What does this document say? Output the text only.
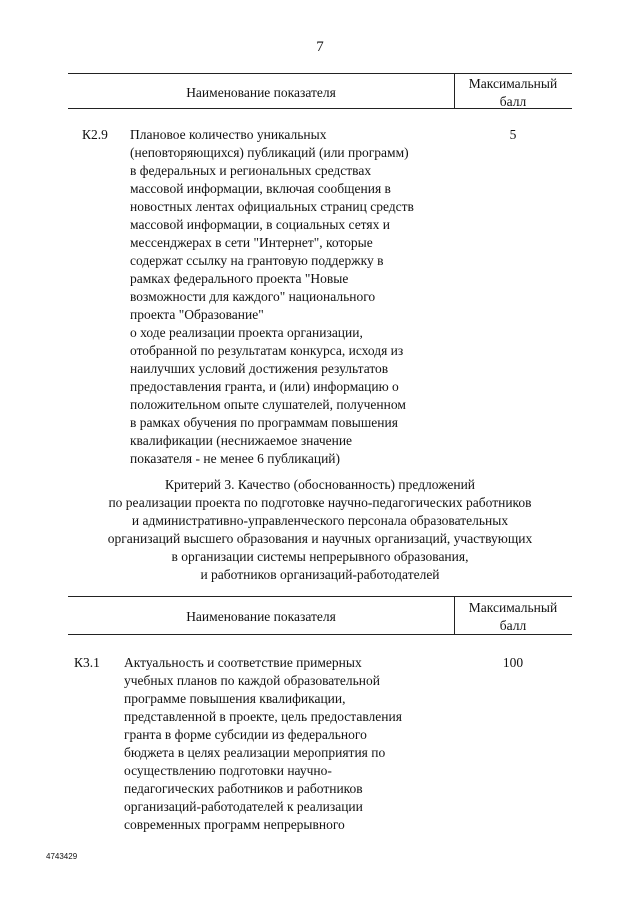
7
Наименование показателя
Максимальный
балл
К2.9 Плановое количество уникальных
(неповторяющихся) публикаций (или программ)
в федеральных и региональных средствах
массовой информации, включая сообщения в
новостных лентах официальных страниц средств
массовой информации, в социальных сетях и
мессенджерах в сети "Интернет", которые
содержат ссылку на грантовую поддержку в
рамках федерального проекта "Новые
возможности для каждого" национального
проекта "Образование"
о ходе реализации проекта организации,
отобранной по результатам конкурса, исходя из
наилучших условий достижения результатов
предоставления гранта, и (или) информацию о
положительном опыте слушателей, полученном
в рамках обучения по программам повышения
квалификации (неснижаемое значение
показателя - не менее 6 публикаций)
5
Критерий 3. Качество (обоснованность) предложений
по реализации проекта по подготовке научно-педагогических работников
и административно-управленческого персонала образовательных
организаций высшего образования и научных организаций, участвующих
в организации системы непрерывного образования,
и работников организаций-работодателей
Наименование показателя
Максимальный
балл
К3.1 Актуальность и соответствие примерных
учебных планов по каждой образовательной
программе повышения квалификации,
представленной в проекте, цель предоставления
гранта в форме субсидии из федерального
бюджета в целях реализации мероприятия по
осуществлению подготовки научно-
педагогических работников и работников
организаций-работодателей к реализации
современных программ непрерывного
100
4743429
